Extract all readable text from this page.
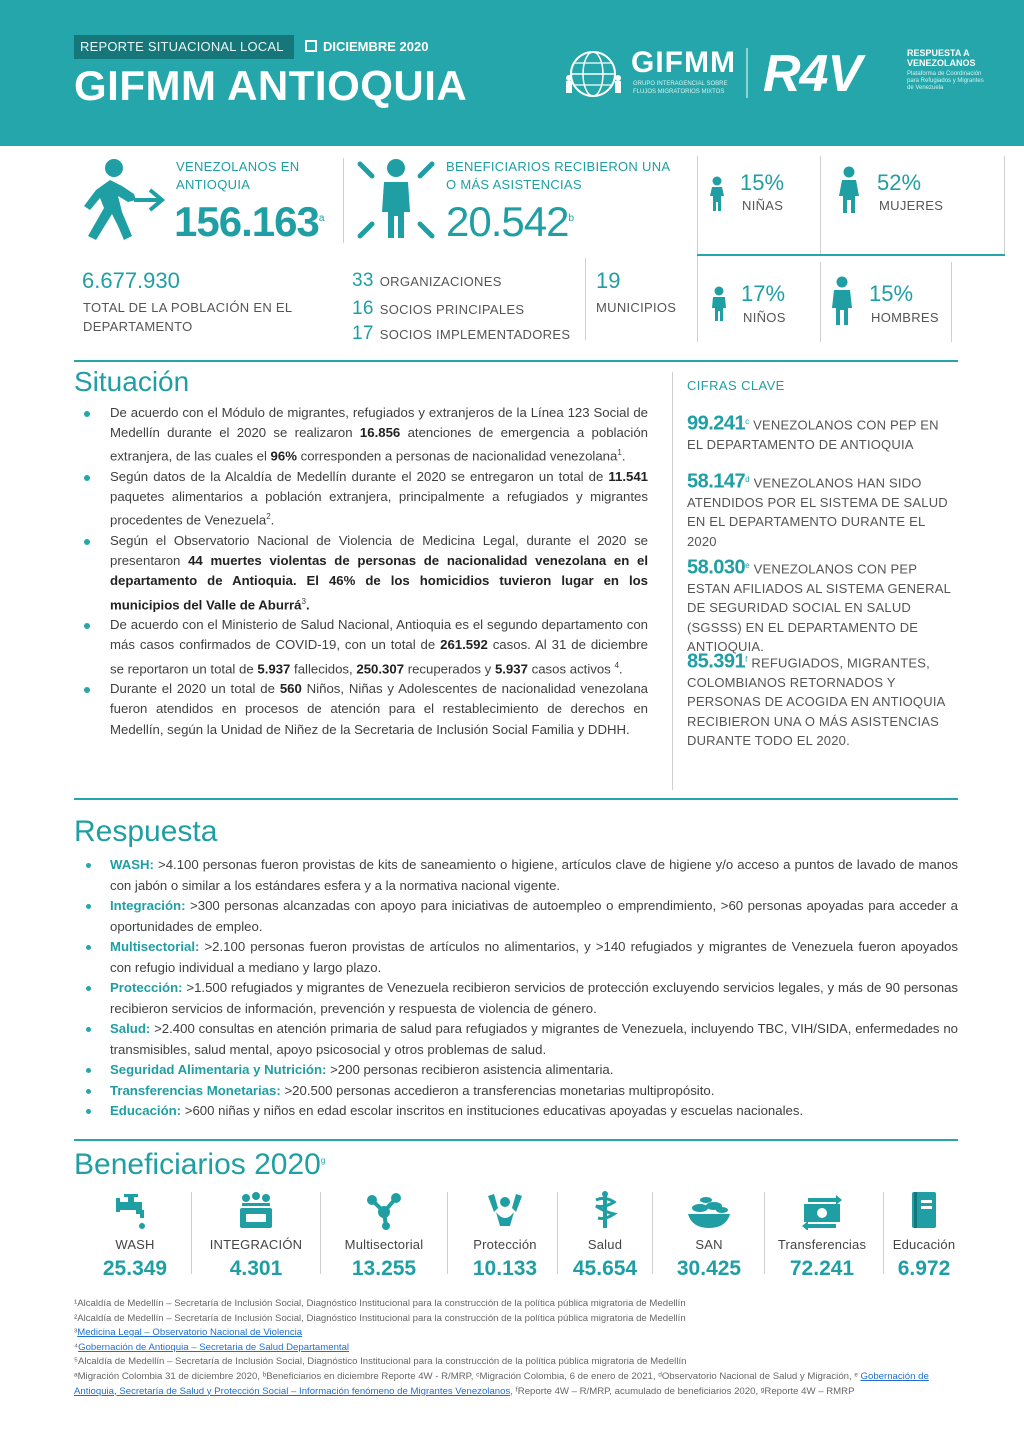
REPORTE SITUACIONAL LOCAL	DICIEMBRE 2020
GIFMM ANTIOQUIA	GIFMM
GRUPO INTERAGENCIAL SOBRE FLUJOS MIGRATORIOS MIXTOS R4V	RESPUESTA A VENEZOLANOS
Plataforma de Coordinación para Refugiados y Migrantes de Venezuela
VENEZOLANOS EN ANTIOQUIA
156.163$^a$
BENEFICIARIOS RECIBIERON UNA O MÁS ASISTENCIAS
20.542$^b$
6.677.930
TOTAL DE LA POBLACIÓN EN EL DEPARTAMENTO
33 ORGANIZACIONES
16 SOCIOS PRINCIPALES
17 SOCIOS IMPLEMENTADORES
19
MUNICIPIOS
15%
NIÑAS
52%
MUJERES
17%
NIÑOS
15%
HOMBRES
Situación
De acuerdo con el Módulo de migrantes, refugiados y extranjeros de la Línea 123 Social de Medellín durante el 2020 se realizaron 16.856 atenciones de emergencia a población extranjera, de las cuales el 96% corresponden a personas de nacionalidad venezolana$^1$.
Según datos de la Alcaldía de Medellín durante el 2020 se entregaron un total de 11.541 paquetes alimentarios a población extranjera, principalmente a refugiados y migrantes procedentes de Venezuela$^2$.
Según el Observatorio Nacional de Violencia de Medicina Legal, durante el 2020 se presentaron 44 muertes violentas de personas de nacionalidad venezolana en el departamento de Antioquia. El 46% de los homicidios tuvieron lugar en los municipios del Valle de Aburrá$^3$.
De acuerdo con el Ministerio de Salud Nacional, Antioquia es el segundo departamento con más casos confirmados de COVID-19, con un total de 261.592 casos. Al 31 de diciembre se reportaron un total de 5.937 fallecidos, 250.307 recuperados y 5.937 casos activos $^4$.
Durante el 2020 un total de 560 Niños, Niñas y Adolescentes de nacionalidad venezolana fueron atendidos en procesos de atención para el restablecimiento de derechos en Medellín, según la Unidad de Niñez de la Secretaria de Inclusión Social Familia y DDHH.
CIFRAS CLAVE
99.241$^c$ VENEZOLANOS CON PEP EN EL DEPARTAMENTO DE ANTIOQUIA
58.147$^d$ VENEZOLANOS HAN SIDO ATENDIDOS POR EL SISTEMA DE SALUD EN EL DEPARTAMENTO DURANTE EL 2020
58.030e VENEZOLANOS CON PEP ESTAN AFILIADOS AL SISTEMA GENERAL DE SEGURIDAD SOCIAL EN SALUD (SGSSS) EN EL DEPARTAMENTO DE ANTIOQUIA.
85.391$^f$ REFUGIADOS, MIGRANTES, COLOMBIANOS RETORNADOS Y PERSONAS DE ACOGIDA EN ANTIOQUIA RECIBIERON UNA O MÁS ASISTENCIAS DURANTE TODO EL 2020.
Respuesta
WASH: >4.100 personas fueron provistas de kits de saneamiento o higiene, artículos clave de higiene y/o acceso a puntos de lavado de manos con jabón o similar a los estándares esfera y a la normativa nacional vigente.
Integración: >300 personas alcanzadas con apoyo para iniciativas de autoempleo o emprendimiento, >60 personas apoyadas para acceder a oportunidades de empleo.
Multisectorial: >2.100 personas fueron provistas de artículos no alimentarios, y >140 refugiados y migrantes de Venezuela fueron apoyados con refugio individual a mediano y largo plazo.
Protección: >1.500 refugiados y migrantes de Venezuela recibieron servicios de protección excluyendo servicios legales, y más de 90 personas recibieron servicios de información, prevención y respuesta de violencia de género.
Salud: >2.400 consultas en atención primaria de salud para refugiados y migrantes de Venezuela, incluyendo TBC, VIH/SIDA, enfermedades no transmisibles, salud mental, apoyo psicosocial y otros problemas de salud.
Seguridad Alimentaria y Nutrición: >200 personas recibieron asistencia alimentaria.
Transferencias Monetarias: >20.500 personas accedieron a transferencias monetarias multipropósito.
Educación: >600 niñas y niños en edad escolar inscritos en instituciones educativas apoyadas y escuelas nacionales.
Beneficiarios 2020$^g$
WASH
25.349
INTEGRACIÓN
4.301
Multisectorial
13.255
Protección
10.133
Salud
45.654
SAN
30.425
Transferencias
72.241
Educación
6.972
¹Alcaldía de Medellín – Secretaría de Inclusión Social, Diagnóstico Institucional para la construcción de la política pública migratoria de Medellín
²Alcaldía de Medellín – Secretaría de Inclusión Social, Diagnóstico Institucional para la construcción de la política pública migratoria de Medellín
³Medicina Legal – Observatorio Nacional de Violencia
⁴Gobernación de Antioquia – Secretaria de Salud Departamental
⁵Alcaldía de Medellín – Secretaría de Inclusión Social, Diagnóstico Institucional para la construcción de la política pública migratoria de Medellín
ᵃMigración Colombia 31 de diciembre 2020, ᵇBeneficiarios en diciembre Reporte 4W - R/MRP, ᶜMigración Colombia, 6 de enero de 2021, ᵈObservatorio Nacional de Salud y Migración, ᵉ Gobernación de Antioquia, Secretaría de Salud y Protección Social – Información fenómeno de Migrantes Venezolanos, ᶠReporte 4W – R/MRP, acumulado de beneficiarios 2020, ᵍReporte 4W – RMRP
